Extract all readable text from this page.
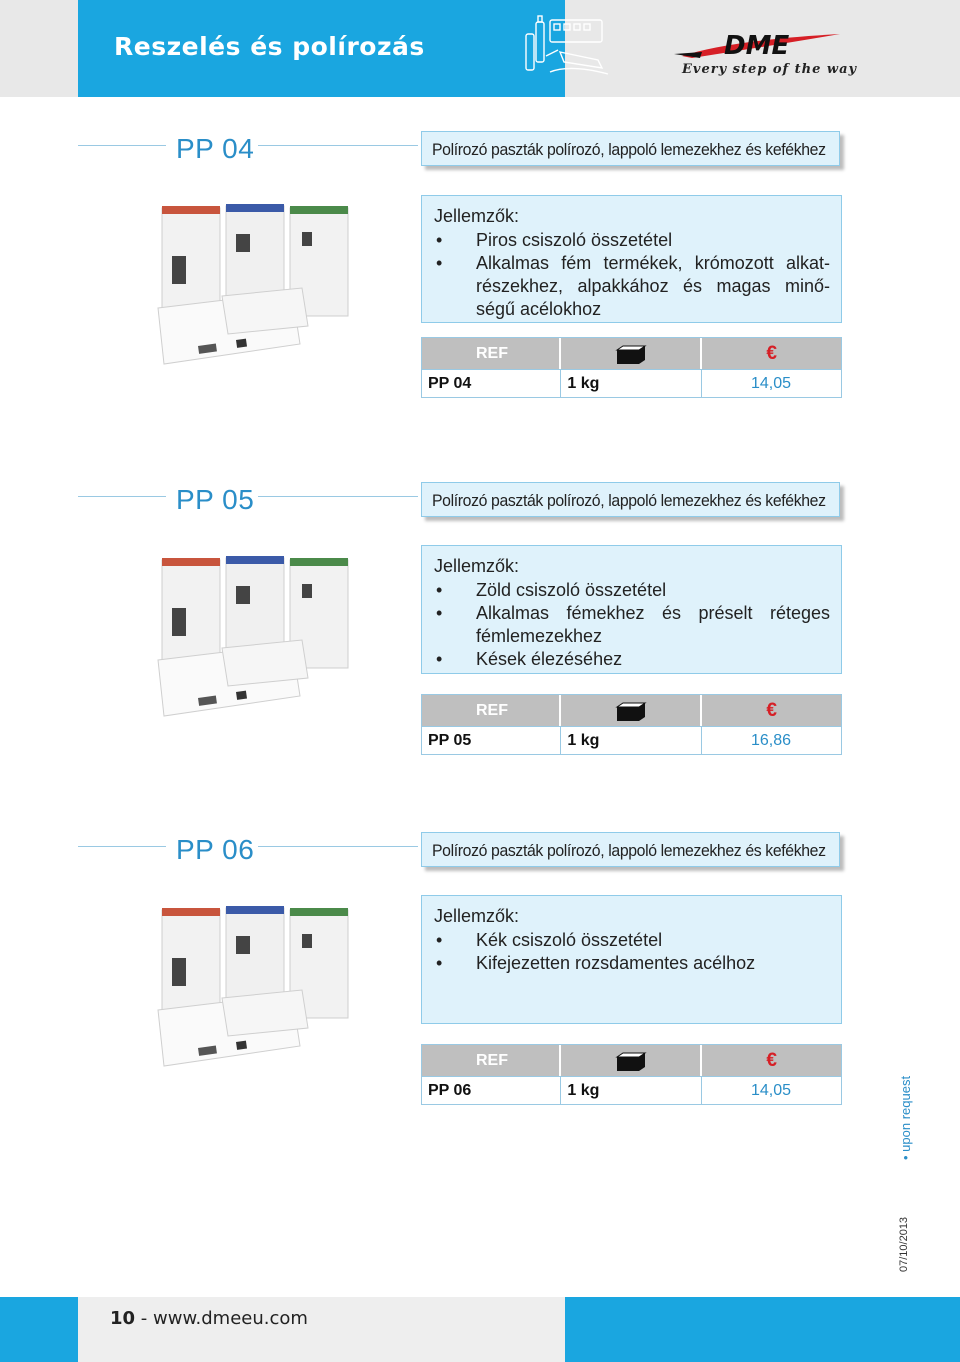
Reszelés és polírozás	DME
Every step of the way
PP 04	Polírozó paszták polírozó, lappoló lemezekhez és kefékhez
Jellemzők:
• Piros csiszoló összetétel
• Alkalmas fém termékek, krómozott alkat-részekhez, alpakkához és magas minő-ségű acélokhoz
REF	€
PP 04	1 kg	14,05
PP 05	Polírozó paszták polírozó, lappoló lemezekhez és kefékhez
Jellemzők:
• Zöld csiszoló összetétel
• Alkalmas fémekhez és préselt réteges fémlemezekhez
• Kések élezéséhez
REF	€
PP 05	1 kg	16,86
PP 06	Polírozó paszták polírozó, lappoló lemezekhez és kefékhez
Jellemzők:
• Kék csiszoló összetétel
• Kifejezetten rozsdamentes acélhoz
REF	€
PP 06	1 kg	14,05	• upon request
07/10/2013
10 - www.dmeeu.com
